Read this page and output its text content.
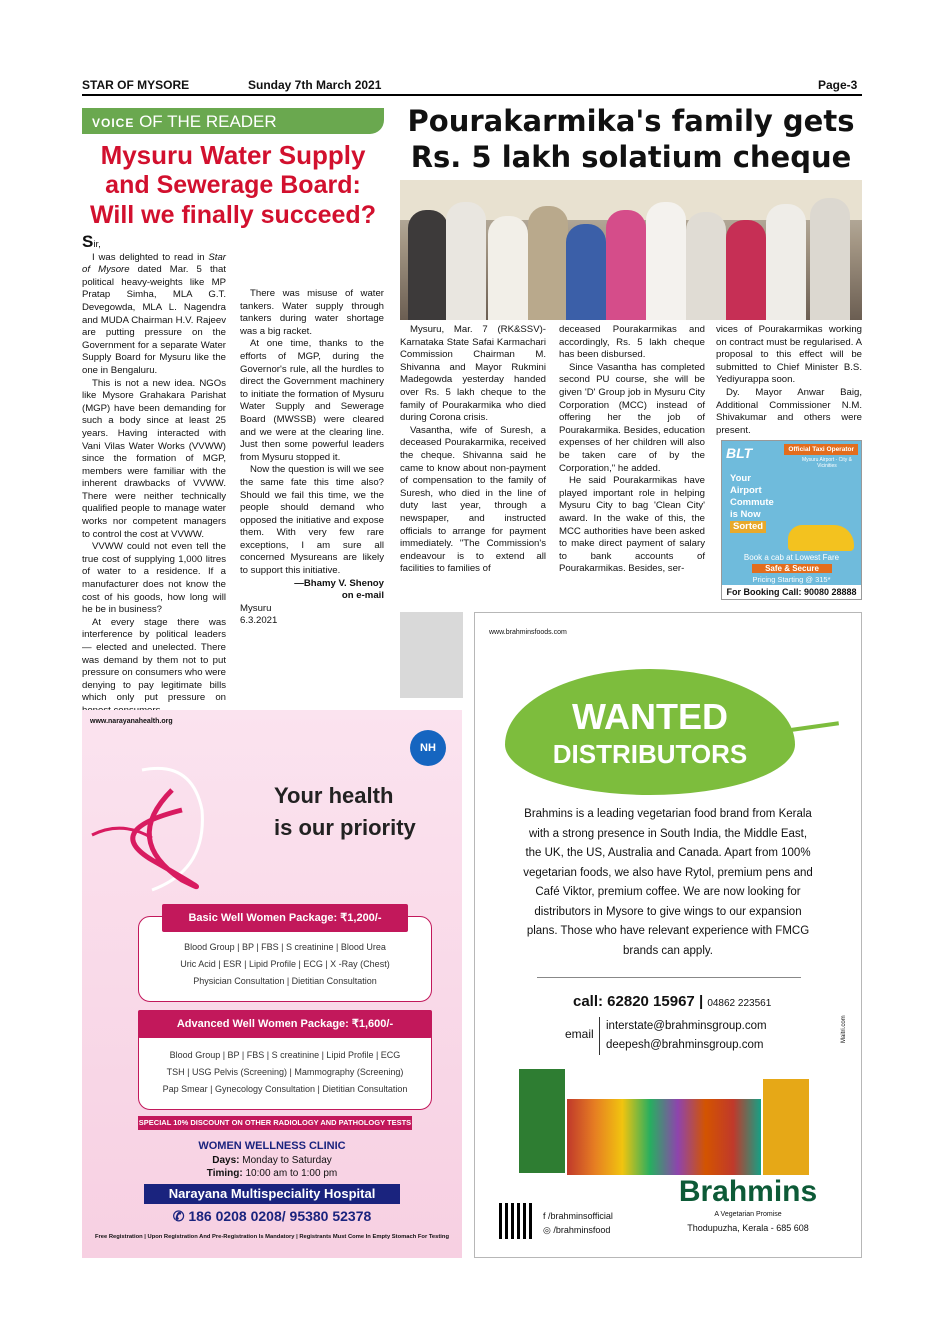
STAR OF MYSORE	Sunday 7th March 2021	Page-3
VOICE OF THE READER
Mysuru Water Supply
and Sewerage Board:
Will we finally succeed?

Sir,

I was delighted to read in Star of Mysore dated Mar. 5 that political heavy-weights like MP Pratap Simha, MLA G.T. Devegowda, MLA L. Nagendra and MUDA Chairman H.V. Rajeev are putting pressure on the Government for a separate Water Supply Board for Mysuru like the one in Bengaluru.

This is not a new idea. NGOs like Mysore Grahakara Parishat (MGP) have been demanding for such a body since at least 25 years. Having interacted with Vani Vilas Water Works (VVWW) since the formation of MGP, members were familiar with the inherent drawbacks of VVWW. There were neither technically qualified people to manage water works nor competent managers to control the cost at VVWW.

VVWW could not even tell the true cost of supplying 1,000 litres of water to a residence. If a manufacturer does not know the cost of his goods, how long will he be in business?

At every stage there was interference by political leaders — elected and unelected. There was demand by them not to put pressure on consumers who were denying to pay legitimate bills which only put pressure on

There was misuse of water tankers. Water supply through tankers during water shortage was a big racket.

At one time, thanks to the efforts of MGP, during the Governor's rule, all the hurdles to direct the Government machinery to initiate the formation of Mysuru Water Supply and Sewerage Board (MWSSB) were cleared and we were at the clearing line. Just then some powerful leaders from Mysuru stopped it.

Now the question is will we see the same fate this time also? Should we fail this time, we the people should demand who opposed the initiative and expose them. With very few rare exceptions, I am sure all concerned Mysureans are likely to support this initiative.

—Bhamy V. Shenoy

on e-mail

Mysuru

6.3.2021

Pourakarmika's family gets
Rs. 5 lakh solatium cheque

Mysuru, Mar. 7 (RK&SSV)- Karnataka State Safai Karmachari Commission Chairman M. Shivanna and Mayor Rukmini Madegowda yesterday handed over Rs. 5 lakh cheque to the family of Pourakarmika who died during Corona crisis.

Vasantha, wife of Suresh, a deceased Pourakarmika, received the cheque. Shivanna said he came to know about non-payment of compensation to the family of Suresh, who died in the line of duty last year, through a newspaper, and instructed officials to arrange for payment immediately. "The Commission's endeavour is to extend all facilities to families of

deceased Pourakarmikas and accordingly, Rs. 5 lakh cheque has been disbursed.

Since Vasantha has completed second PU course, she will be given 'D' Group job in Mysuru City Corporation (MCC) instead of offering her the job of Pourakarmika. Besides, education expenses of her children will also be taken care of by the Corporation," he added.

He said Pourakarmikas have played important role in helping Mysuru City to bag 'Clean City' award. In the wake of this, the MCC authorities have been asked to make direct payment of salary to bank accounts of Pourakarmikas. Besides, ser-

vices of Pourakarmikas working on contract must be regularised. A proposal to this effect will be submitted to Chief Minister B.S. Yediyurappa soon.

Dy. Mayor Anwar Baig, Additional Commissioner N.M. Shivakumar and others were present.

BLT	Official Taxi Operator
Mysuru Airport - City & Vicinities
Your
Airport
Commute
is Now
Sorted
Book a cab at Lowest Fare
Safe & Secure
Pricing Starting @ 315*
For Booking Call: 90080 28888
www.narayanahealth.org
NH
Your health
is our priority
Blood Group | BP | FBS | S creatinine | Blood Urea
Uric Acid | ESR | Lipid Profile | ECG | X -Ray (Chest)
Physician Consultation | Dietitian Consultation
Basic Well Women Package: ₹1,200/-
Blood Group | BP | FBS | S creatinine | Lipid Profile | ECG
TSH | USG Pelvis (Screening) | Mammography (Screening)
Pap Smear | Gynecology Consultation | Dietitian Consultation
Advanced Well Women Package: ₹1,600/-
SPECIAL 10% DISCOUNT ON OTHER RADIOLOGY AND PATHOLOGY TESTS
WOMEN WELLNESS CLINIC
Days: Monday to Saturday
Timing: 10:00 am to 1:00 pm
Narayana Multispeciality Hospital
✆ 186 0208 0208/ 95380 52378
Free Registration | Upon Registration And Pre-Registration Is Mandatory | Registrants Must Come In Empty Stomach For Testing
www.brahminsfoods.com
WANTED
DISTRIBUTORS
Brahmins is a leading vegetarian food brand from Kerala with a strong presence in South India, the Middle East, the UK, the US, Australia and Canada. Apart from 100% vegetarian foods, we also have Rytol, premium pens and Café Viktor, premium coffee. We are now looking for distributors in Mysore to give wings to our expansion plans. Those who have relevant experience with FMCG brands can apply.
call: 62820 15967 | 04862 223561
email
interstate@brahminsgroup.com
deepesh@brahminsgroup.com
f /brahminsofficial
◎ /brahminsfood
Brahmins
A Vegetarian Promise
Thodupuzha, Kerala - 685 608
Maitri.com
